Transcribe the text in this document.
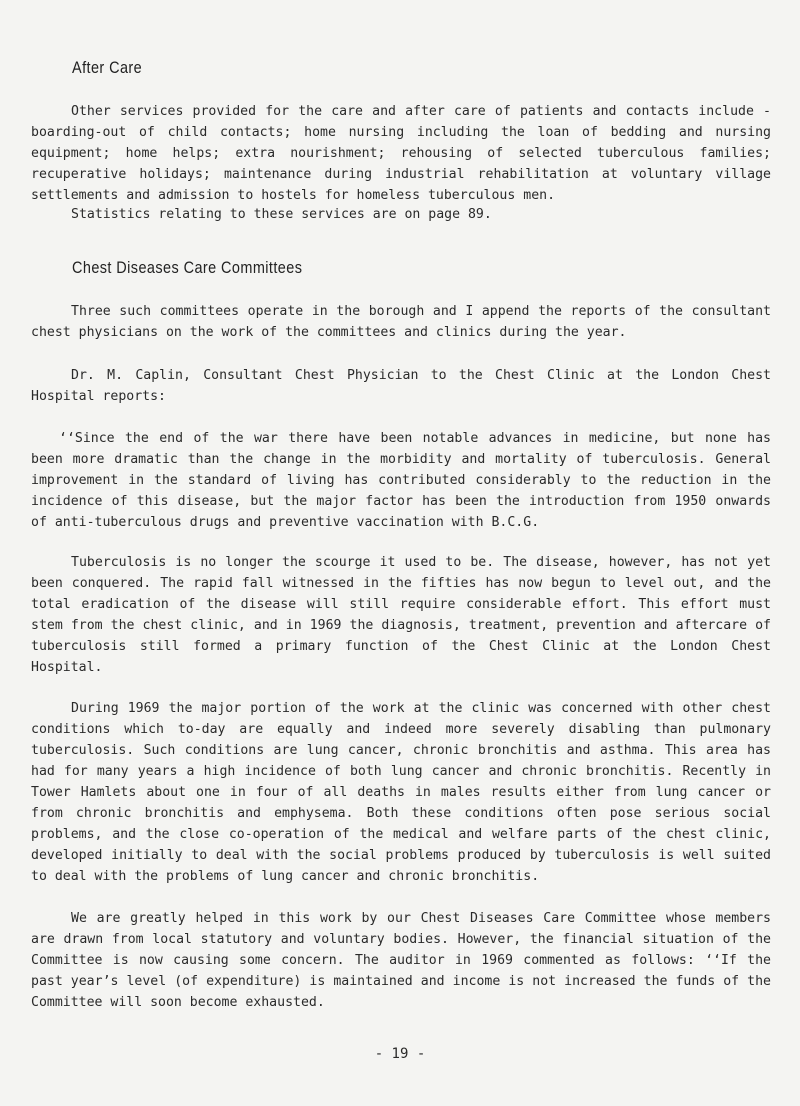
After Care

Other services provided for the care and after care of patients and contacts include - boarding-out of child contacts; home nursing including the loan of bedding and nursing equipment; home helps; extra nourishment; rehousing of selected tuberculous families; recuperative holidays; maintenance during industrial rehabilitation at voluntary village settlements and admission to hostels for homeless tuberculous men.

Statistics relating to these services are on page 89.

Chest Diseases Care Committees

Three such committees operate in the borough and I append the reports of the consultant chest physicians on the work of the committees and clinics during the year.

Dr. M. Caplin, Consultant Chest Physician to the Chest Clinic at the London Chest Hospital reports:

‘‘Since the end of the war there have been notable advances in medicine, but none has been more dramatic than the change in the morbidity and mortality of tuberculosis. General improvement in the standard of living has contributed considerably to the reduction in the incidence of this disease, but the major factor has been the introduction from 1950 onwards of anti-tuberculous drugs and preventive vaccination with B.C.G.

Tuberculosis is no longer the scourge it used to be. The disease, however, has not yet been conquered. The rapid fall witnessed in the fifties has now begun to level out, and the total eradication of the disease will still require considerable effort. This effort must stem from the chest clinic, and in 1969 the diagnosis, treatment, prevention and aftercare of tuberculosis still formed a primary function of the Chest Clinic at the London Chest Hospital.

During 1969 the major portion of the work at the clinic was concerned with other chest conditions which to-day are equally and indeed more severely disabling than pulmonary tuberculosis. Such conditions are lung cancer, chronic bronchitis and asthma. This area has had for many years a high incidence of both lung cancer and chronic bronchitis. Recently in Tower Hamlets about one in four of all deaths in males results either from lung cancer or from chronic bronchitis and emphysema. Both these conditions often pose serious social problems, and the close co-operation of the medical and welfare parts of the chest clinic, developed initially to deal with the social problems produced by tuberculosis is well suited to deal with the problems of lung cancer and chronic bronchitis.

We are greatly helped in this work by our Chest Diseases Care Committee whose members are drawn from local statutory and voluntary bodies. However, the financial situation of the Committee is now causing some concern. The auditor in 1969 commented as follows: ‘‘If the past year’s level (of expenditure) is maintained and income is not increased the funds of the Committee will soon become exhausted.

- 19 -
